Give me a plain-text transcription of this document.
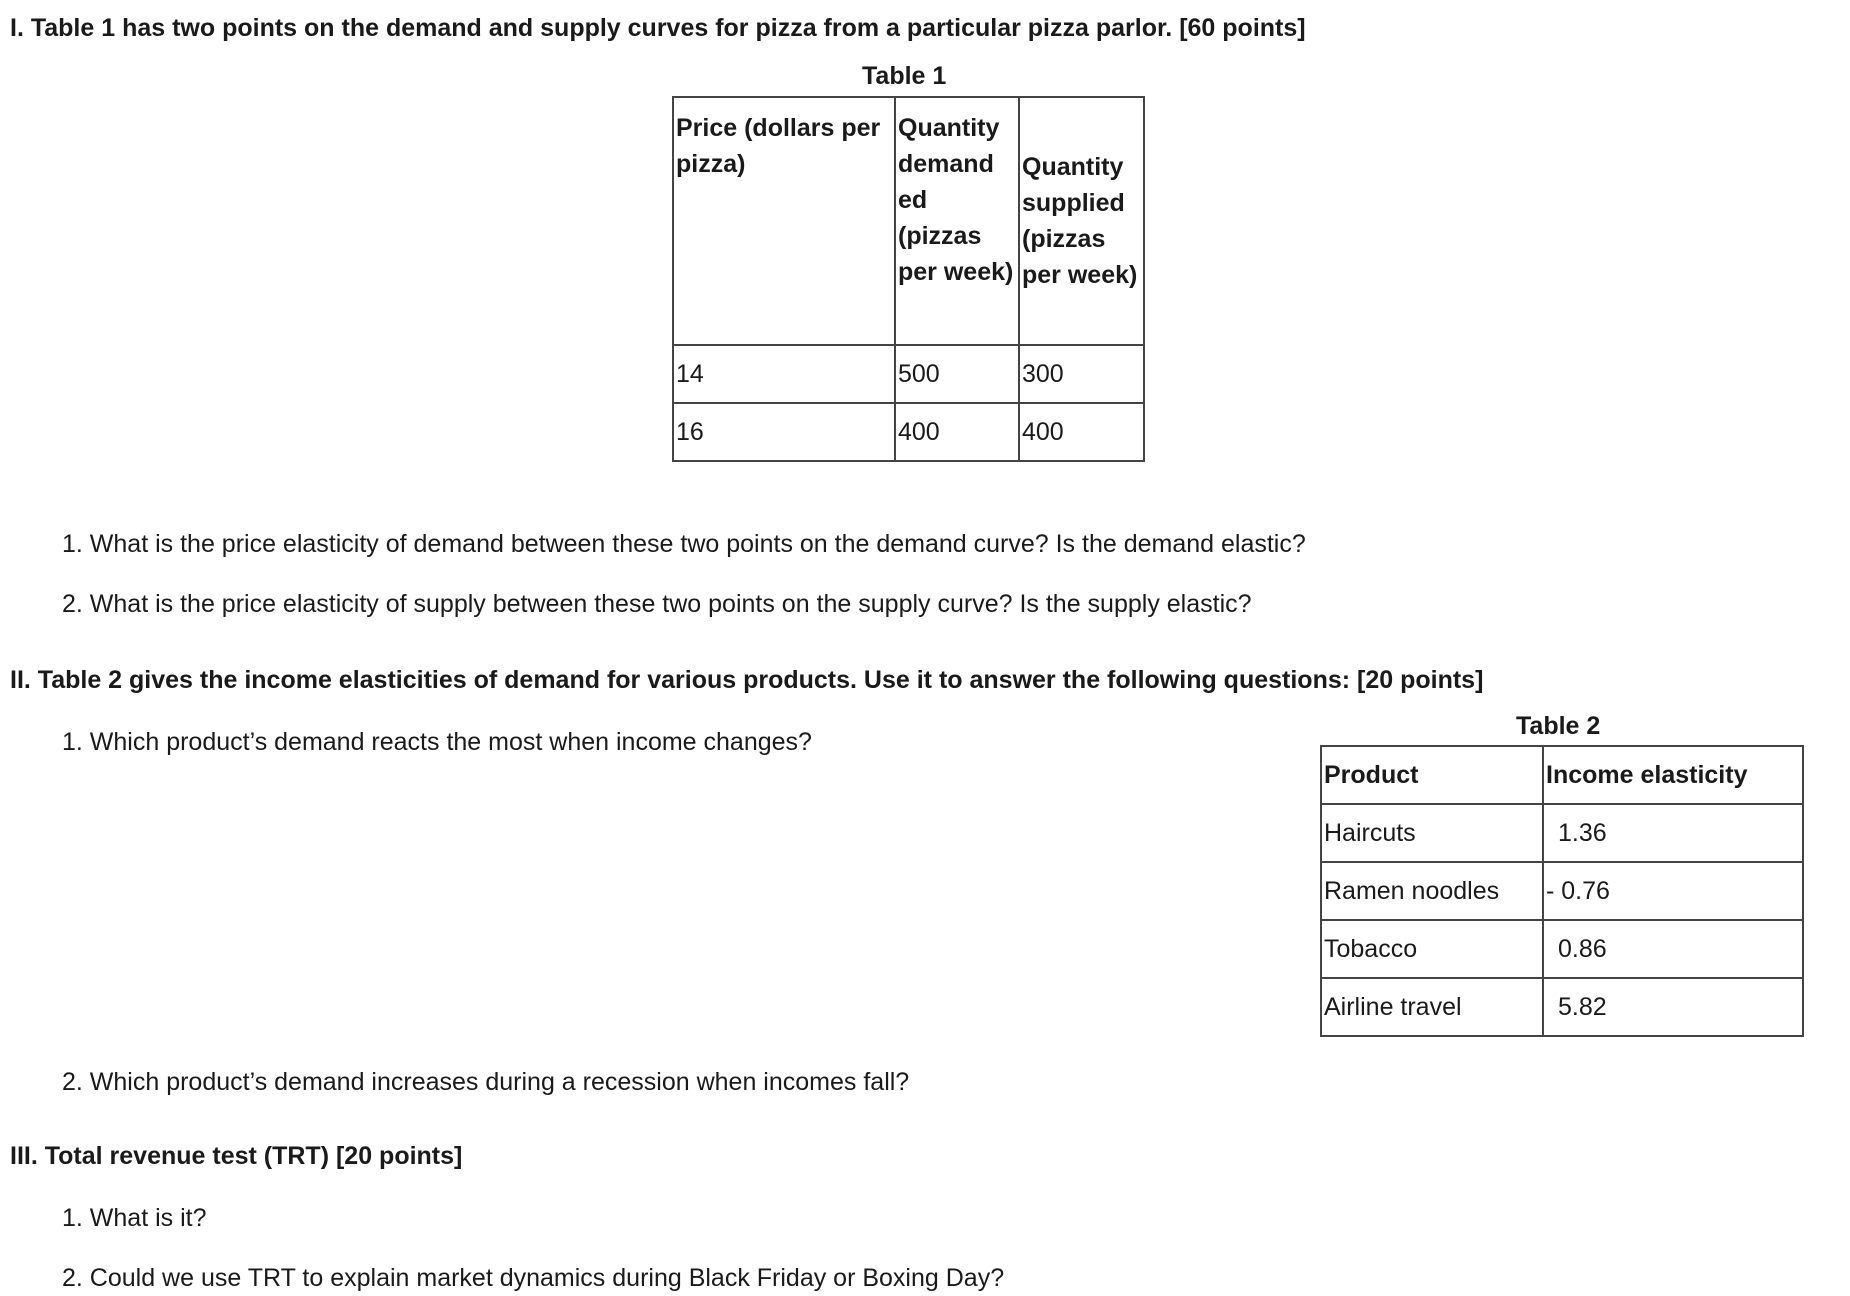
I. Table 1 has two points on the demand and supply curves for pizza from a particular pizza parlor. [60 points]
Table 1
Price (dollars per pizza)	Quantity demand ed (pizzas per week)	Quantity supplied (pizzas per week)
14	500	300
16	400	400
1. What is the price elasticity of demand between these two points on the demand curve? Is the demand elastic?
2. What is the price elasticity of supply between these two points on the supply curve? Is the supply elastic?
II. Table 2 gives the income elasticities of demand for various products. Use it to answer the following questions: [20 points]
1. Which product’s demand reacts the most when income changes?
Table 2
Product	Income elasticity
Haircuts	1.36
Ramen noodles	- 0.76
Tobacco	0.86
Airline travel	5.82
2. Which product’s demand increases during a recession when incomes fall?
III. Total revenue test (TRT) [20 points]
1. What is it?
2. Could we use TRT to explain market dynamics during Black Friday or Boxing Day?
